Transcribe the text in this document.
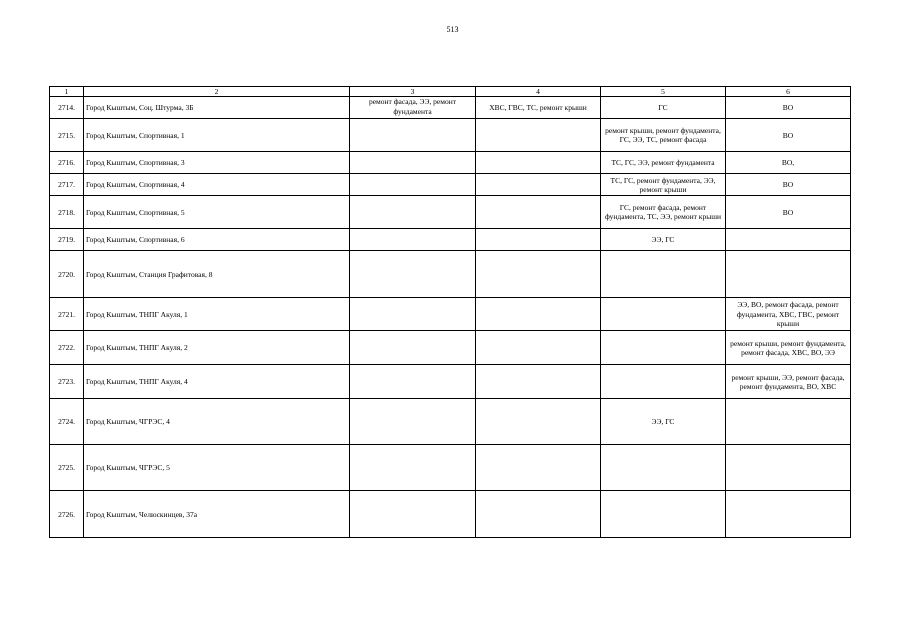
513
1	2	3	4	5	6
2714.	Город Кыштым, Соц. Штурма, 3Б	ремонт фасада, ЭЭ, ремонт фундамента	ХВС, ГВС, ТС, ремонт крыши	ГС	ВО
2715.	Город Кыштым, Спортивная, 1			ремонт крыши, ремонт фундамента, ГС, ЭЭ, ТС, ремонт фасада	ВО
2716.	Город Кыштым, Спортивная, 3			ТС, ГС, ЭЭ, ремонт фундамента	ВО,
2717.	Город Кыштым, Спортивная, 4			ТС, ГС, ремонт фундамента, ЭЭ, ремонт крыши	ВО
2718.	Город Кыштым, Спортивная, 5			ГС, ремонт фасада, ремонт фундамента, ТС, ЭЭ, ремонт крыши	ВО
2719.	Город Кыштым, Спортивная, 6			ЭЭ, ГС	
2720.	Город Кыштым, Станция Графитовая, 8				
2721.	Город Кыштым, ТНПГ Акуля, 1				ЭЭ, ВО, ремонт фасада, ремонт фундамента, ХВС, ГВС, ремонт крыши
2722.	Город Кыштым, ТНПГ Акуля, 2				ремонт крыши, ремонт фундамента, ремонт фасада, ХВС, ВО, ЭЭ
2723.	Город Кыштым, ТНПГ Акуля, 4				ремонт крыши, ЭЭ, ремонт фасада, ремонт фундамента, ВО, ХВС
2724.	Город Кыштым, ЧГРЭС, 4			ЭЭ, ГС	
2725.	Город Кыштым, ЧГРЭС, 5				
2726.	Город Кыштым, Челюскинцев, 37а				
